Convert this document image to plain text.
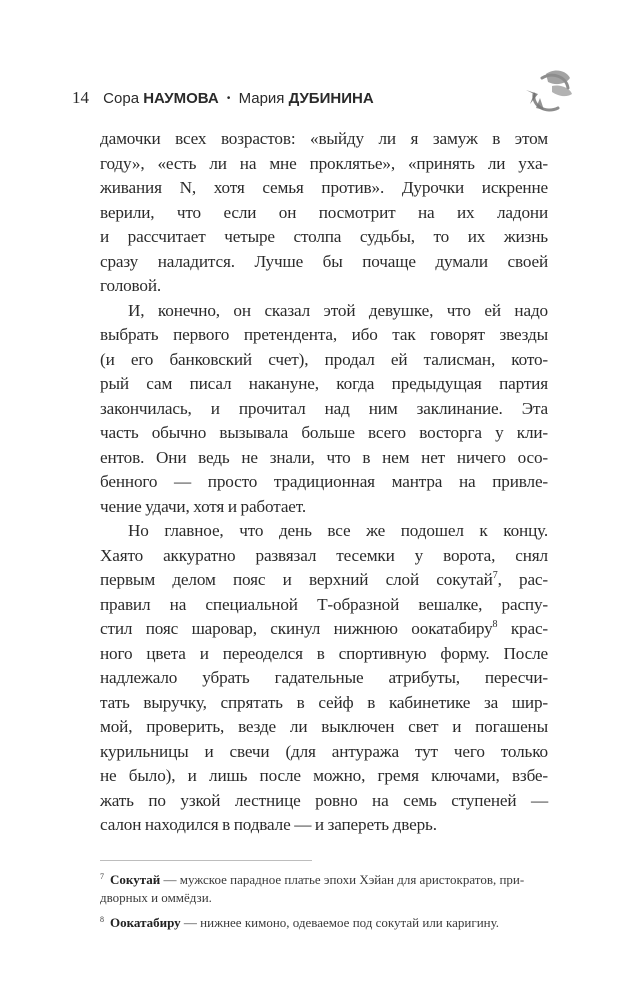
14 Сора НАУМОВА • Мария ДУБИНИНА
дамочки всех возрастов: «выйду ли я замуж в этом
году», «есть ли на мне проклятье», «принять ли уха-
живания N, хотя семья против». Дурочки искренне
верили, что если он посмотрит на их ладони
и рассчитает четыре столпа судьбы, то их жизнь
сразу наладится. Лучше бы почаще думали своей
головой.
И, конечно, он сказал этой девушке, что ей надо
выбрать первого претендента, ибо так говорят звезды
(и его банковский счет), продал ей талисман, кото-
рый сам писал накануне, когда предыдущая партия
закончилась, и прочитал над ним заклинание. Эта
часть обычно вызывала больше всего восторга у кли-
ентов. Они ведь не знали, что в нем нет ничего осо-
бенного — просто традиционная мантра на привле-
чение удачи, хотя и работает.
Но главное, что день все же подошел к концу.
Хаято аккуратно развязал тесемки у ворота, снял
первым делом пояс и верхний слой сокутай$^7$, рас-
правил на специальной Т-образной вешалке, распу-
стил пояс шаровар, скинул нижнюю оокатабиру$^8$ крас-
ного цвета и переоделся в спортивную форму. После
надлежало убрать гадательные атрибуты, пересчи-
тать выручку, спрятать в сейф в кабинетике за шир-
мой, проверить, везде ли выключен свет и погашены
курильницы и свечи (для антуража тут чего только
не было), и лишь после можно, гремя ключами, взбе-
жать по узкой лестнице ровно на семь ступеней —
салон находился в подвале — и запереть дверь.
$^7$ Сокутай — мужское парадное платье эпохи Хэйан для аристократов, при-
дворных и оммёдзи.
$^8$ Оокатабиру — нижнее кимоно, одеваемое под сокутай или каригину.
